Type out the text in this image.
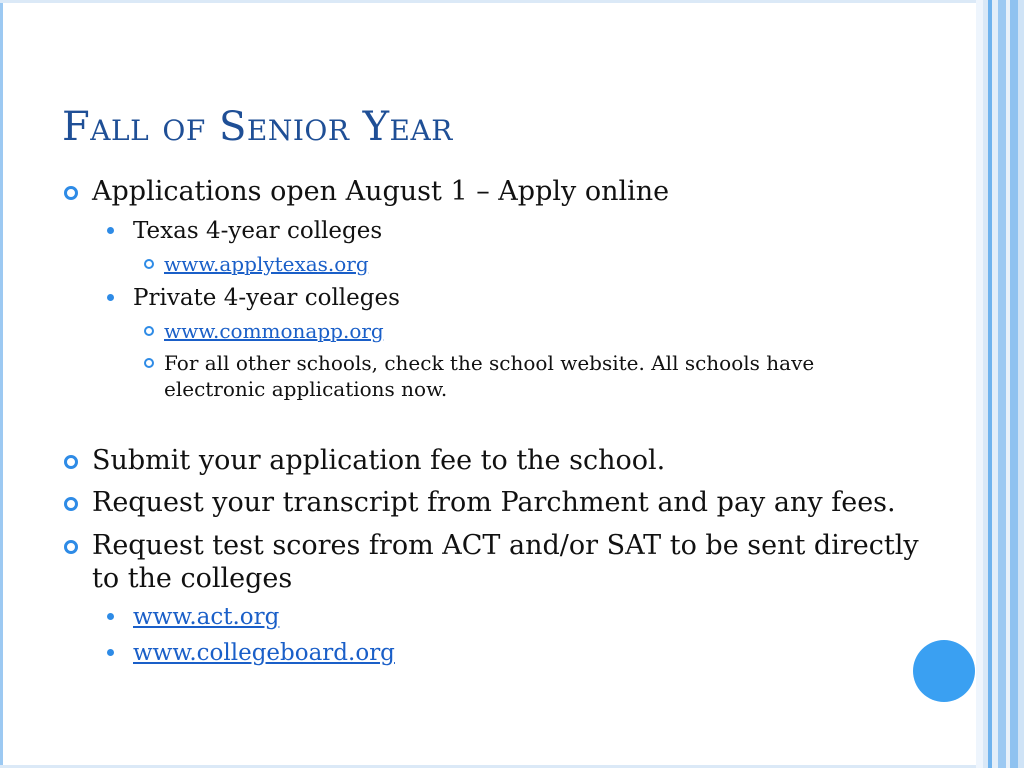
Fall of Senior Year
Applications open August 1 – Apply online
Texas 4-year colleges
www.applytexas.org
Private 4-year colleges
www.commonapp.org
For all other schools, check the school website. All schools have
electronic applications now.
Submit your application fee to the school.
Request your transcript from Parchment and pay any fees.
Request test scores from ACT and/or SAT to be sent directly
to the colleges
www.act.org
www.collegeboard.org
